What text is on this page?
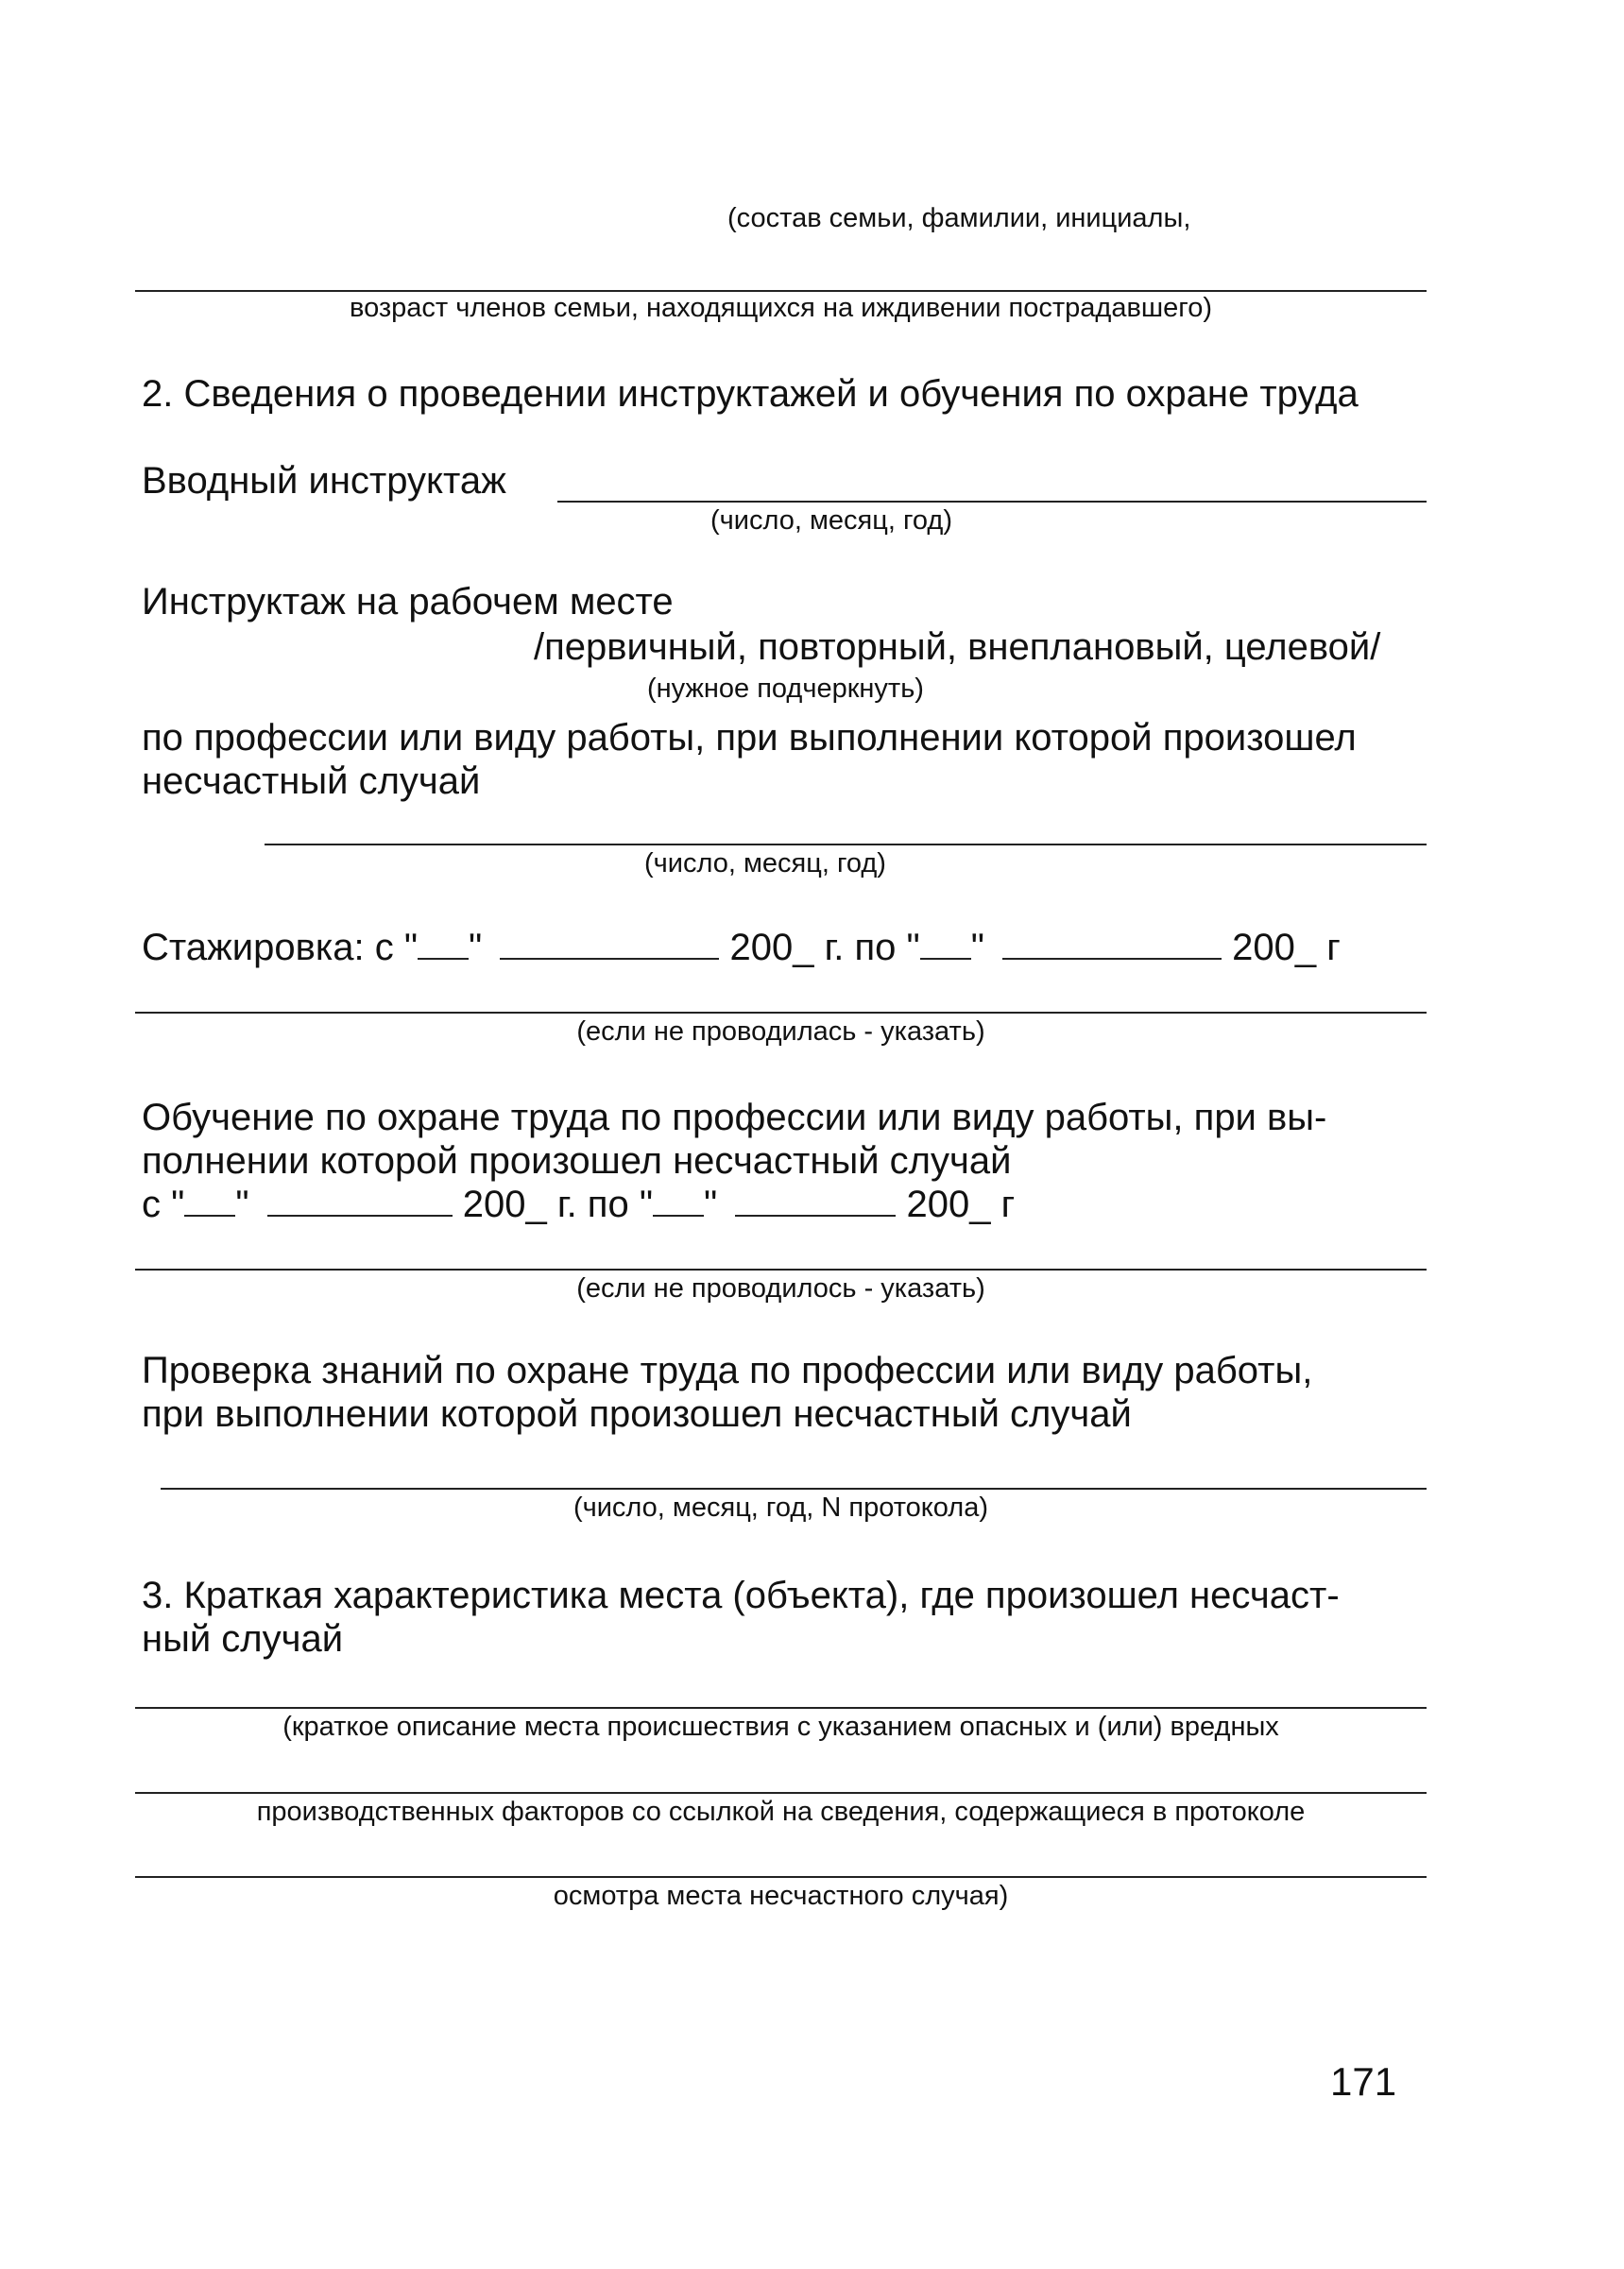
(состав семьи, фамилии, инициалы,
возраст членов семьи, находящихся на иждивении пострадавшего)
2. Сведения о проведении инструктажей и обучения по охране труда
Вводный инструктаж
(число, месяц, год)
Инструктаж на рабочем месте
/первичный, повторный, внеплановый, целевой/
(нужное подчеркнуть)
по профессии или виду работы, при выполнении которой произошел
несчастный случай
(число, месяц, год)
Стажировка: с " "	200_ г. по " "	200_ г
(если не проводилась - указать)
Обучение по охране труда по профессии или виду работы, при вы-
полнении которой произошел несчастный случай
с " "	200_ г. по " "	200_ г
(если не проводилось - указать)
Проверка знаний по охране труда по профессии или виду работы,
при выполнении которой произошел несчастный случай
(число, месяц, год, N протокола)
3. Краткая характеристика места (объекта), где произошел несчаст-
ный случай
(краткое описание места происшествия с указанием опасных и (или) вредных
производственных факторов со ссылкой на сведения, содержащиеся в протоколе
осмотра места несчастного случая)
171
